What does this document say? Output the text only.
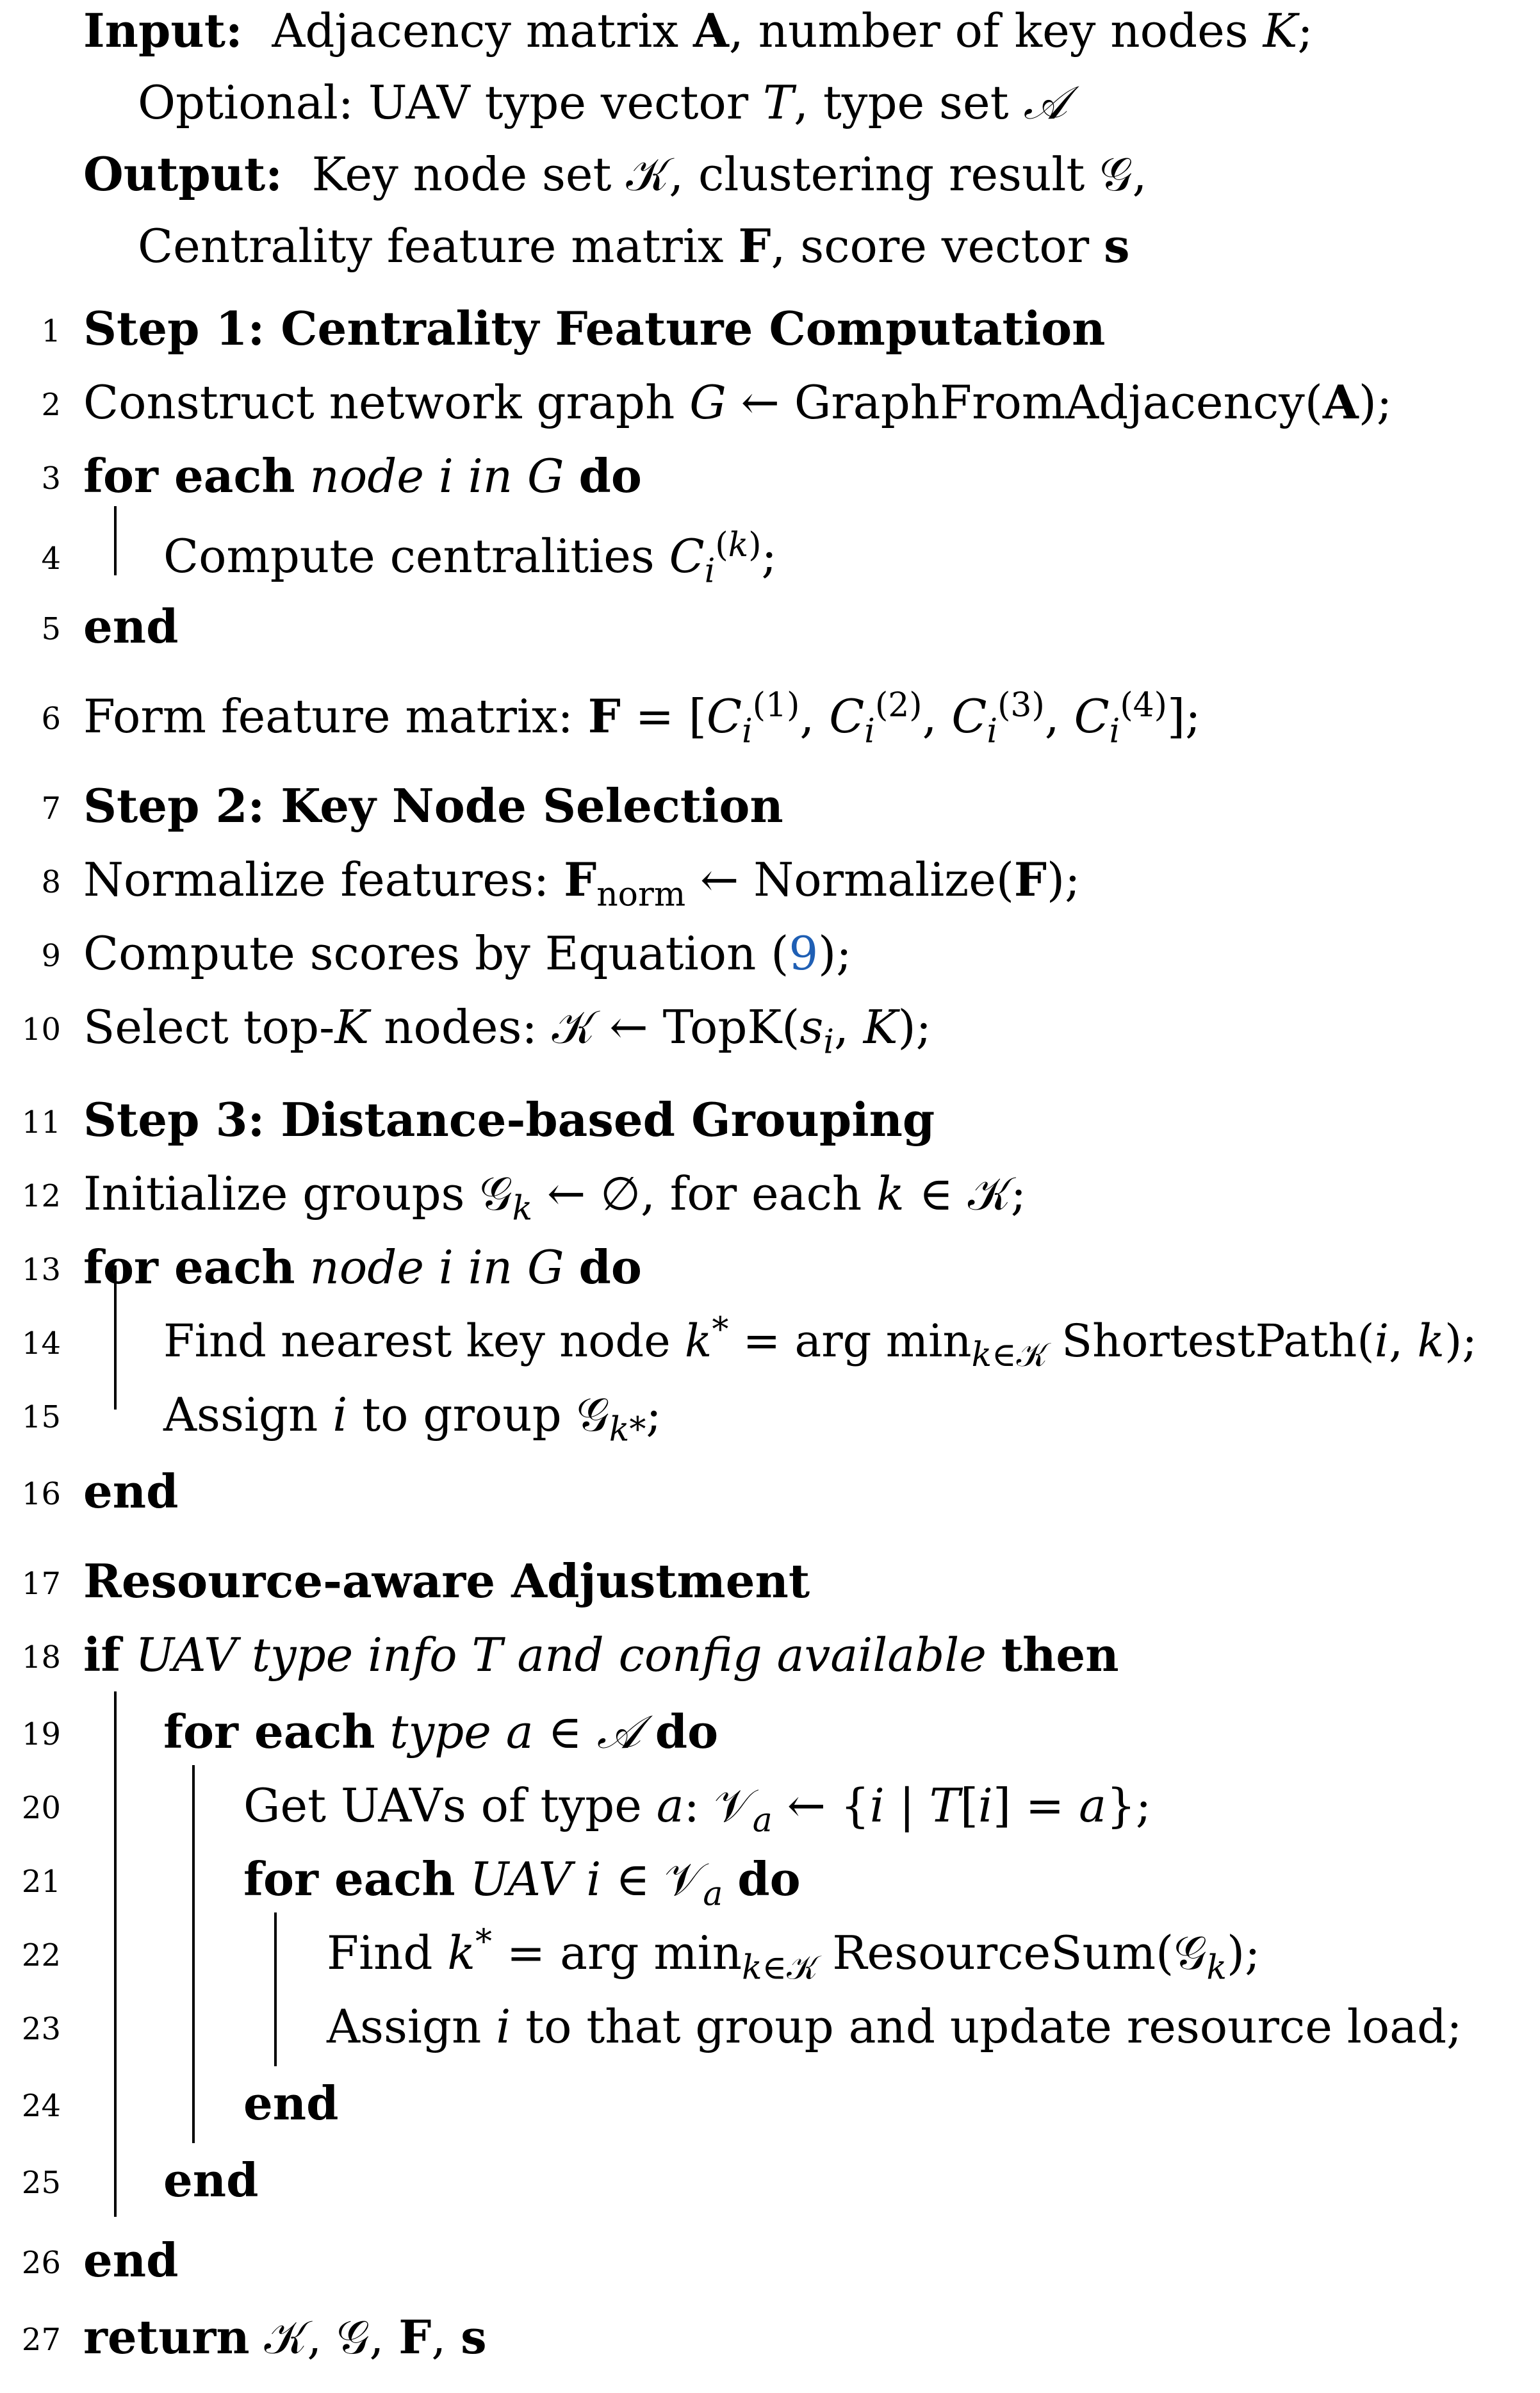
Input: Adjacency matrix A, number of key nodes K;
Optional: UAV type vector T, type set 𝒜
Output: Key node set 𝒦, clustering result 𝒢,
Centrality feature matrix F, score vector s
1 Step 1: Centrality Feature Computation
2 Construct network graph G ← GraphFromAdjacency(A);
3 for each node i in G do
4 Compute centralities $C_i^{(k)}$;
5 end
6 Form feature matrix: $F = [C_i^{(1)}$, $C_i^{(2)}$, $C_i^{(3)}$, $C_i^{(4)}$];
7 Step 2: Key Node Selection
8 Normalize features: $F_{norm}$ ← Normalize(F);
9 Compute scores by Equation (9);
10 Select top-K nodes: 𝒦 ← $TopK(s_i$, K);
11 Step 3: Distance-based Grouping
12 Initialize groups 𝒢$_k$ ← ∅, for each k ∈ 𝒦;
13 for each node i in G do
14 Find nearest key node k* = arg $\min_{k\in 𝒦}$ ShortestPath(i, k);
15 Assign i to group 𝒢$_{k*}$;
16 end
17 Resource-aware Adjustment
18 if UAV type info T and config available then
19 for each type a ∈ 𝒜 do
20	Get UAVs of type a: 𝒱$_a$ ← {i | T[i] = a};
21	for each UAV i ∈ 𝒱$_a$ do
22	Find k* = arg $\min_{k\in 𝒦}$ ResourceSum(𝒢$_k$);
23	Assign i to that group and update resource load;
24	end
25 end
26 end
27 return 𝒦, 𝒢, F, s
